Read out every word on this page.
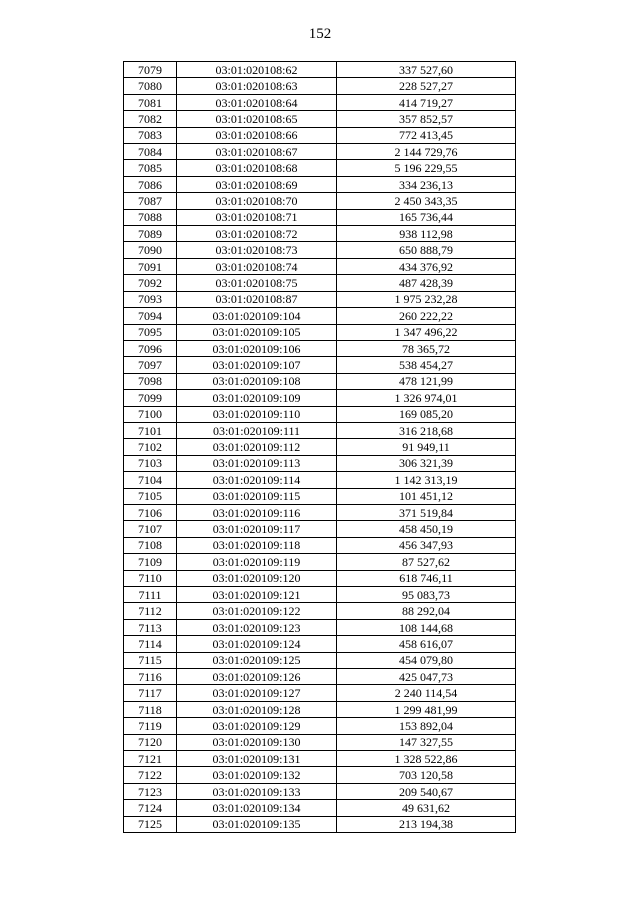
152
7079	03:01:020108:62	337 527,60
7080	03:01:020108:63	228 527,27
7081	03:01:020108:64	414 719,27
7082	03:01:020108:65	357 852,57
7083	03:01:020108:66	772 413,45
7084	03:01:020108:67	2 144 729,76
7085	03:01:020108:68	5 196 229,55
7086	03:01:020108:69	334 236,13
7087	03:01:020108:70	2 450 343,35
7088	03:01:020108:71	165 736,44
7089	03:01:020108:72	938 112,98
7090	03:01:020108:73	650 888,79
7091	03:01:020108:74	434 376,92
7092	03:01:020108:75	487 428,39
7093	03:01:020108:87	1 975 232,28
7094	03:01:020109:104	260 222,22
7095	03:01:020109:105	1 347 496,22
7096	03:01:020109:106	78 365,72
7097	03:01:020109:107	538 454,27
7098	03:01:020109:108	478 121,99
7099	03:01:020109:109	1 326 974,01
7100	03:01:020109:110	169 085,20
7101	03:01:020109:111	316 218,68
7102	03:01:020109:112	91 949,11
7103	03:01:020109:113	306 321,39
7104	03:01:020109:114	1 142 313,19
7105	03:01:020109:115	101 451,12
7106	03:01:020109:116	371 519,84
7107	03:01:020109:117	458 450,19
7108	03:01:020109:118	456 347,93
7109	03:01:020109:119	87 527,62
7110	03:01:020109:120	618 746,11
7111	03:01:020109:121	95 083,73
7112	03:01:020109:122	88 292,04
7113	03:01:020109:123	108 144,68
7114	03:01:020109:124	458 616,07
7115	03:01:020109:125	454 079,80
7116	03:01:020109:126	425 047,73
7117	03:01:020109:127	2 240 114,54
7118	03:01:020109:128	1 299 481,99
7119	03:01:020109:129	153 892,04
7120	03:01:020109:130	147 327,55
7121	03:01:020109:131	1 328 522,86
7122	03:01:020109:132	703 120,58
7123	03:01:020109:133	209 540,67
7124	03:01:020109:134	49 631,62
7125	03:01:020109:135	213 194,38
